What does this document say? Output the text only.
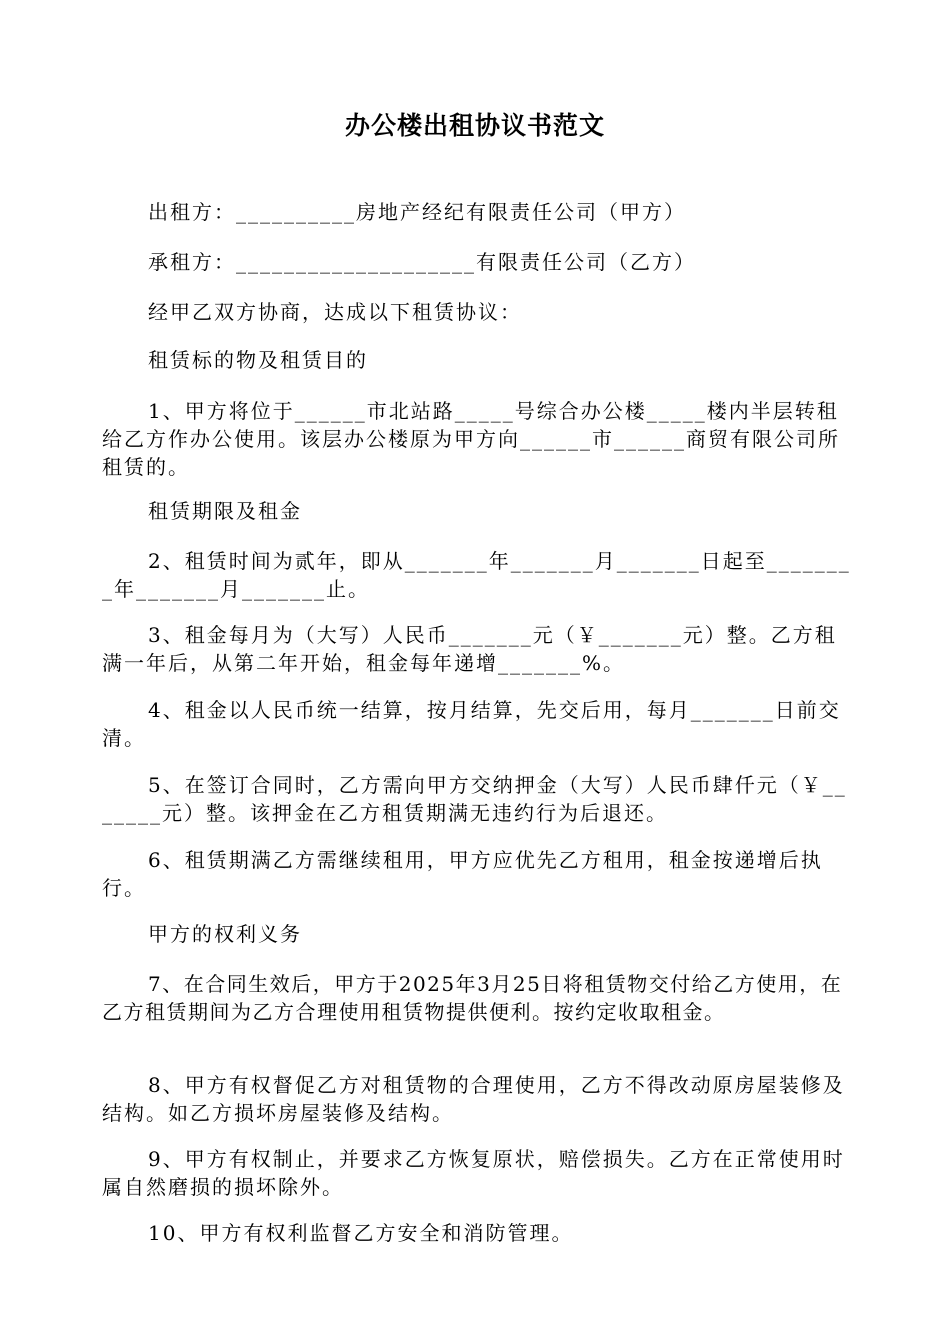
办公楼出租协议书范文
出租方：__________房地产经纪有限责任公司（甲方）
承租方：____________________有限责任公司（乙方）
经甲乙双方协商，达成以下租赁协议：
租赁标的物及租赁目的
1、甲方将位于______市北站路_____号综合办公楼_____楼内半层转租给乙方作办公使用。该层办公楼原为甲方向______市______商贸有限公司所租赁的。
租赁期限及租金
2、租赁时间为贰年，即从_______年_______月_______日起至________年_______月_______止。
3、租金每月为（大写）人民币_______元（￥_______元）整。乙方租满一年后，从第二年开始，租金每年递增_______%。
4、租金以人民币统一结算，按月结算，先交后用，每月_______日前交清。
5、在签订合同时，乙方需向甲方交纳押金（大写）人民币肆仟元（￥_______元）整。该押金在乙方租赁期满无违约行为后退还。
6、租赁期满乙方需继续租用，甲方应优先乙方租用，租金按递增后执行。
甲方的权利义务
7、在合同生效后，甲方于2025年3月25日将租赁物交付给乙方使用，在乙方租赁期间为乙方合理使用租赁物提供便利。按约定收取租金。
8、甲方有权督促乙方对租赁物的合理使用，乙方不得改动原房屋装修及结构。如乙方损坏房屋装修及结构。
9、甲方有权制止，并要求乙方恢复原状，赔偿损失。乙方在正常使用时属自然磨损的损坏除外。
10、甲方有权利监督乙方安全和消防管理。
